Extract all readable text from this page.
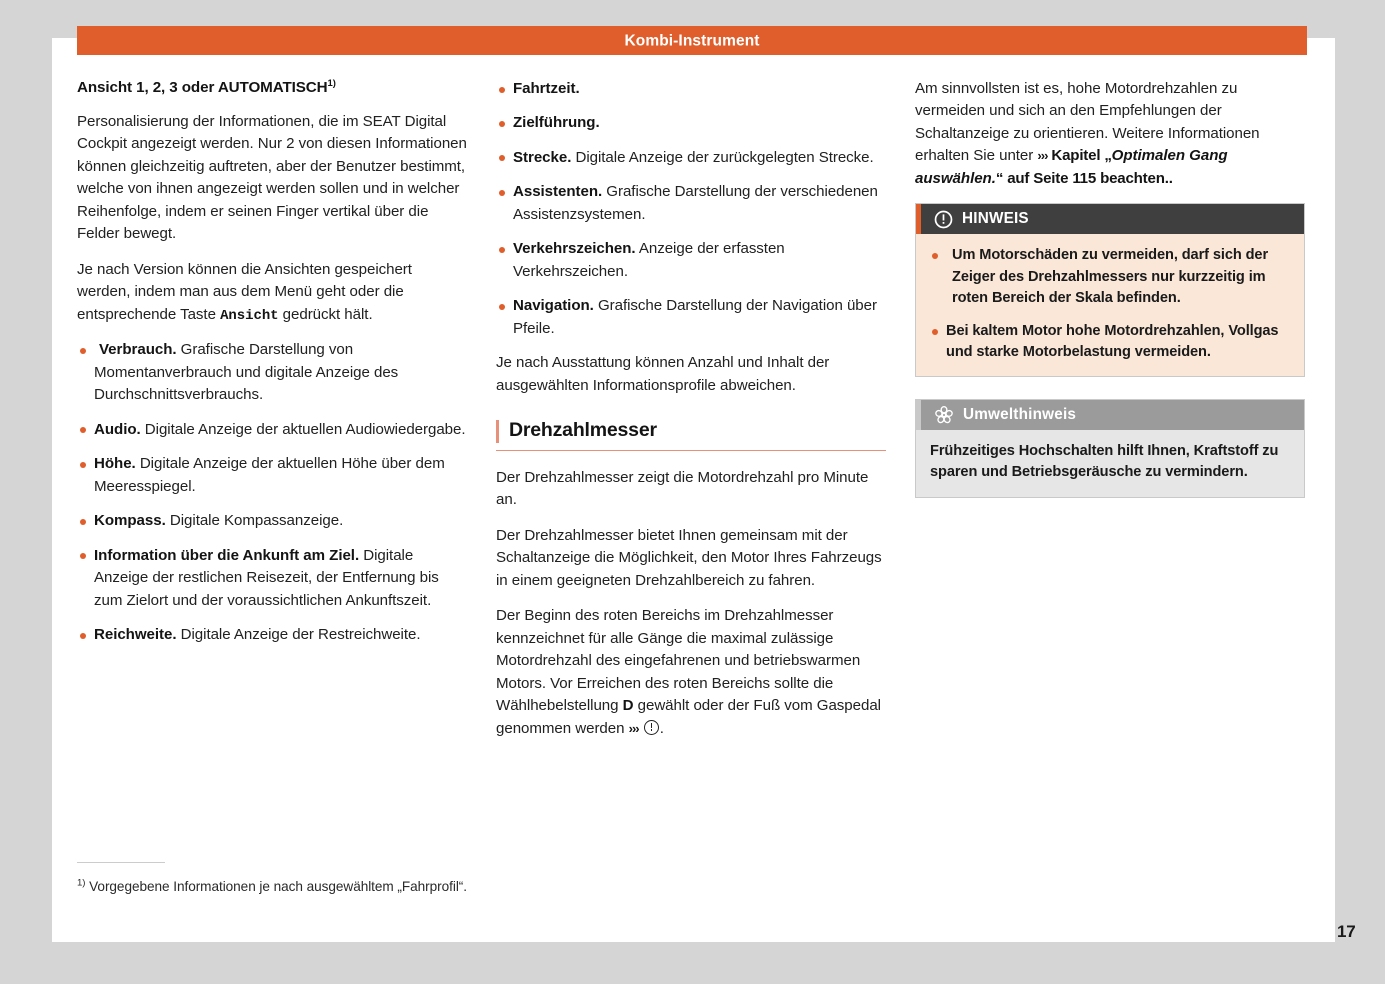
Kombi-Instrument
17
Ansicht 1, 2, 3 oder AUTOMATISCH$^{1)}$

Personalisierung der Informationen, die im SEAT Digital Cockpit angezeigt werden. Nur 2 von diesen Informationen können gleichzeitig auftreten, aber der Benutzer bestimmt, welche von ihnen angezeigt werden sollen und in welcher Reihenfolge, indem er seinen Finger vertikal über die Felder bewegt.

Je nach Version können die Ansichten gespeichert werden, indem man aus dem Menü geht oder die entsprechende Taste Ansicht gedrückt hält.

Verbrauch. Grafische Darstellung von Momentanverbrauch und digitale Anzeige des Durchschnittsverbrauchs.
Audio. Digitale Anzeige der aktuellen Audiowiedergabe.
Höhe. Digitale Anzeige der aktuellen Höhe über dem Meeresspiegel.
Kompass. Digitale Kompassanzeige.
Information über die Ankunft am Ziel. Digitale Anzeige der restlichen Reisezeit, der Entfernung bis zum Zielort und der voraussichtlichen Ankunftszeit.
Reichweite. Digitale Anzeige der Restreichweite.
Fahrtzeit.
Zielführung.
Strecke. Digitale Anzeige der zurückgelegten Strecke.
Assistenten. Grafische Darstellung der verschiedenen Assistenzsystemen.
Verkehrszeichen. Anzeige der erfassten Verkehrszeichen.
Navigation. Grafische Darstellung der Navigation über Pfeile.

Je nach Ausstattung können Anzahl und Inhalt der ausgewählten Informationsprofile abweichen.

Drehzahlmesser

Der Drehzahlmesser zeigt die Motordrehzahl pro Minute an.

Der Drehzahlmesser bietet Ihnen gemeinsam mit der Schaltanzeige die Möglichkeit, den Motor Ihres Fahrzeugs in einem geeigneten Drehzahlbereich zu fahren.

Der Beginn des roten Bereichs im Drehzahlmesser kennzeichnet für alle Gänge die maximal zulässige Motordrehzahl des eingefahrenen und betriebswarmen Motors. Vor Erreichen des roten Bereichs sollte die Wählhebelstellung D gewählt oder der Fuß vom Gaspedal genommen werden ››› .

Am sinnvollsten ist es, hohe Motordrehzahlen zu vermeiden und sich an den Empfehlungen der Schaltanzeige zu orientieren. Weitere Informationen erhalten Sie unter ››› Kapitel „Optimalen Gang auswählen.“ auf Seite 115 beachten..

HINWEIS

Um Motorschäden zu vermeiden, darf sich der Zeiger des Drehzahlmessers nur kurzzeitig im roten Bereich der Skala befinden.

Bei kaltem Motor hohe Motordrehzahlen, Vollgas und starke Motorbelastung vermeiden.

Umwelthinweis

Frühzeitiges Hochschalten hilft Ihnen, Kraftstoff zu sparen und Betriebsgeräusche zu vermindern.

$^{1)}$ Vorgegebene Informationen je nach ausgewähltem „Fahrprofil“.
